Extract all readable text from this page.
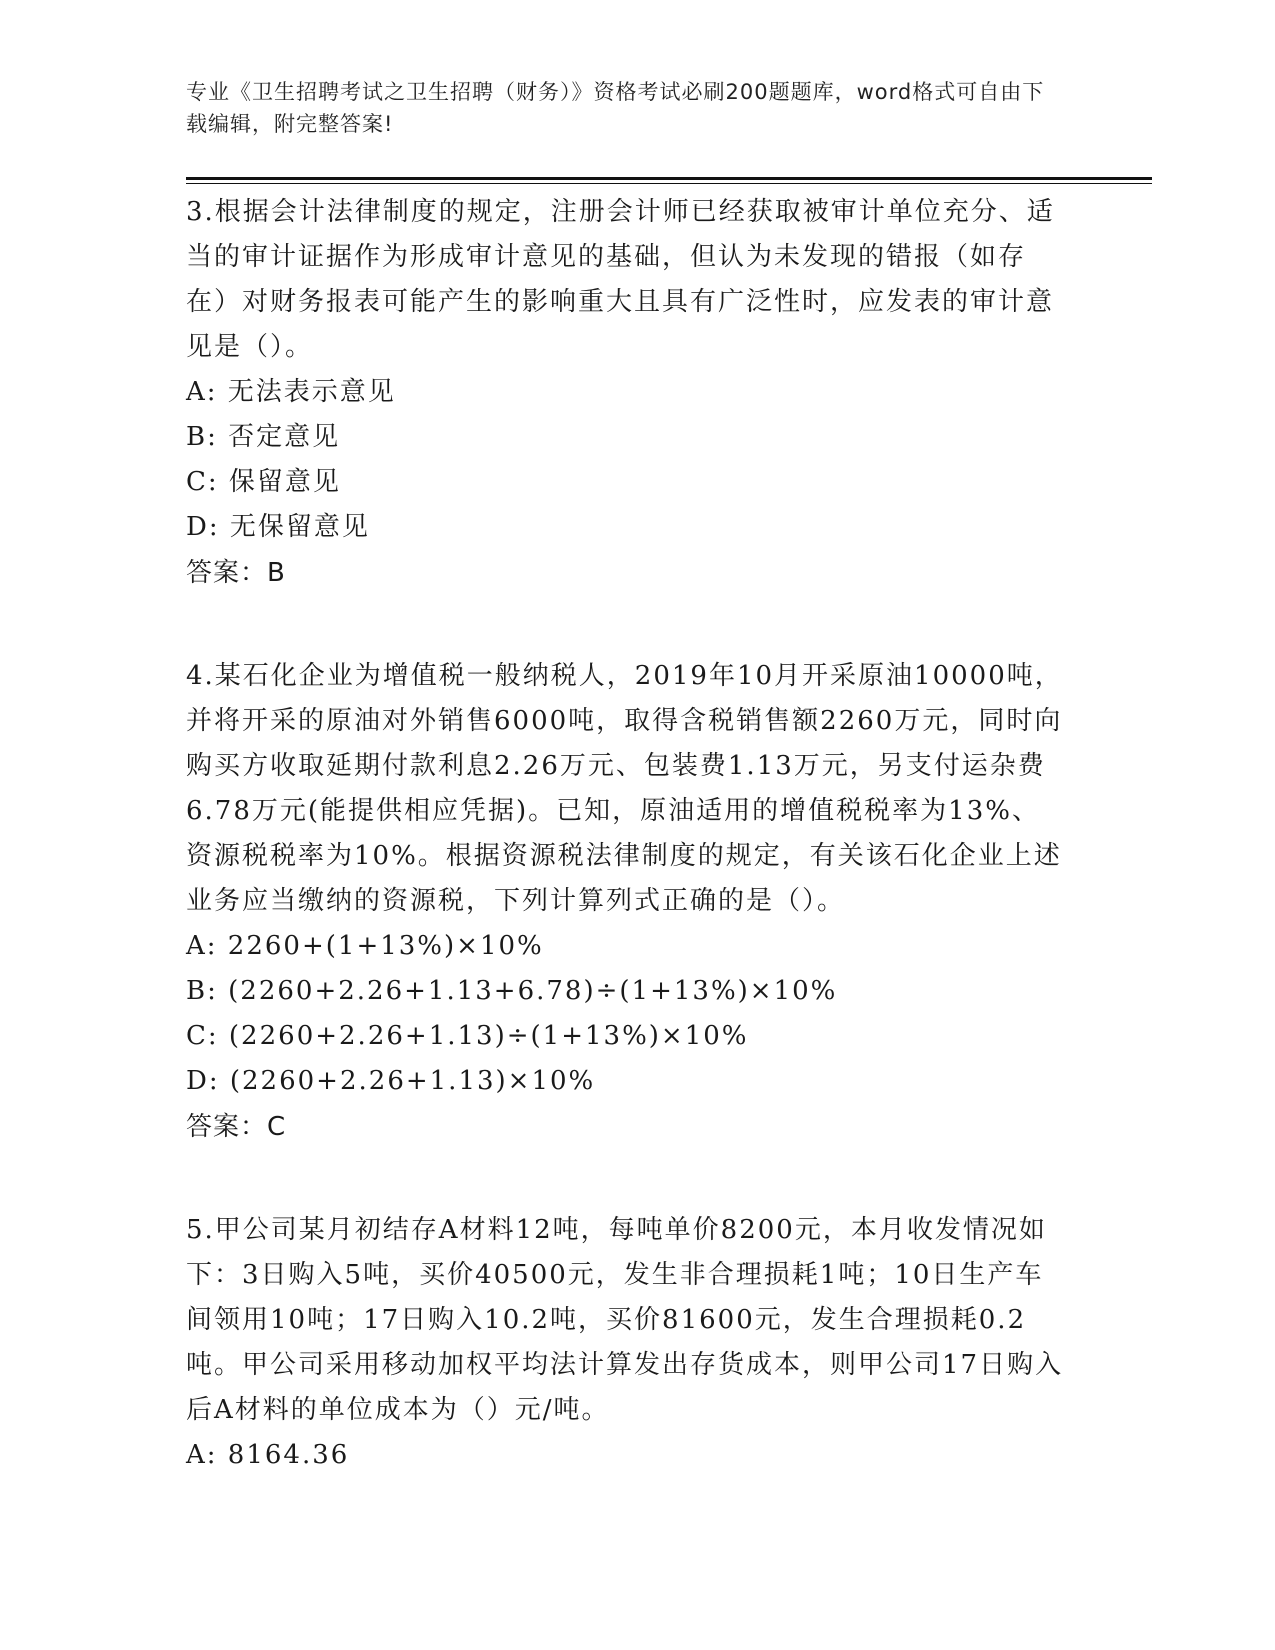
专业《卫生招聘考试之卫生招聘（财务）》资格考试必刷200题题库，word格式可自由下载编辑，附完整答案!

3.根据会计法律制度的规定，注册会计师已经获取被审计单位充分、适当的审计证据作为形成审计意见的基础，但认为未发现的错报（如存在）对财务报表可能产生的影响重大且具有广泛性时，应发表的审计意见是（）。

A: 无法表示意见

B: 否定意见

C: 保留意见

D: 无保留意见

答案：B

4.某石化企业为增值税一般纳税人，2019年10月开采原油10000吨，并将开采的原油对外销售6000吨，取得含税销售额2260万元，同时向购买方收取延期付款利息2.26万元、包装费1.13万元，另支付运杂费6.78万元(能提供相应凭据)。已知，原油适用的增值税税率为13%、资源税税率为10%。根据资源税法律制度的规定，有关该石化企业上述业务应当缴纳的资源税，下列计算列式正确的是（）。

A: 2260+(1+13%)×10%

B: (2260+2.26+1.13+6.78)÷(1+13%)×10%

C: (2260+2.26+1.13)÷(1+13%)×10%

D: (2260+2.26+1.13)×10%

答案：C

5.甲公司某月初结存A材料12吨，每吨单价8200元，本月收发情况如下：3日购入5吨，买价40500元，发生非合理损耗1吨；10日生产车间领用10吨；17日购入10.2吨，买价81600元，发生合理损耗0.2吨。甲公司采用移动加权平均法计算发出存货成本，则甲公司17日购入后A材料的单位成本为（）元/吨。

A: 8164.36
